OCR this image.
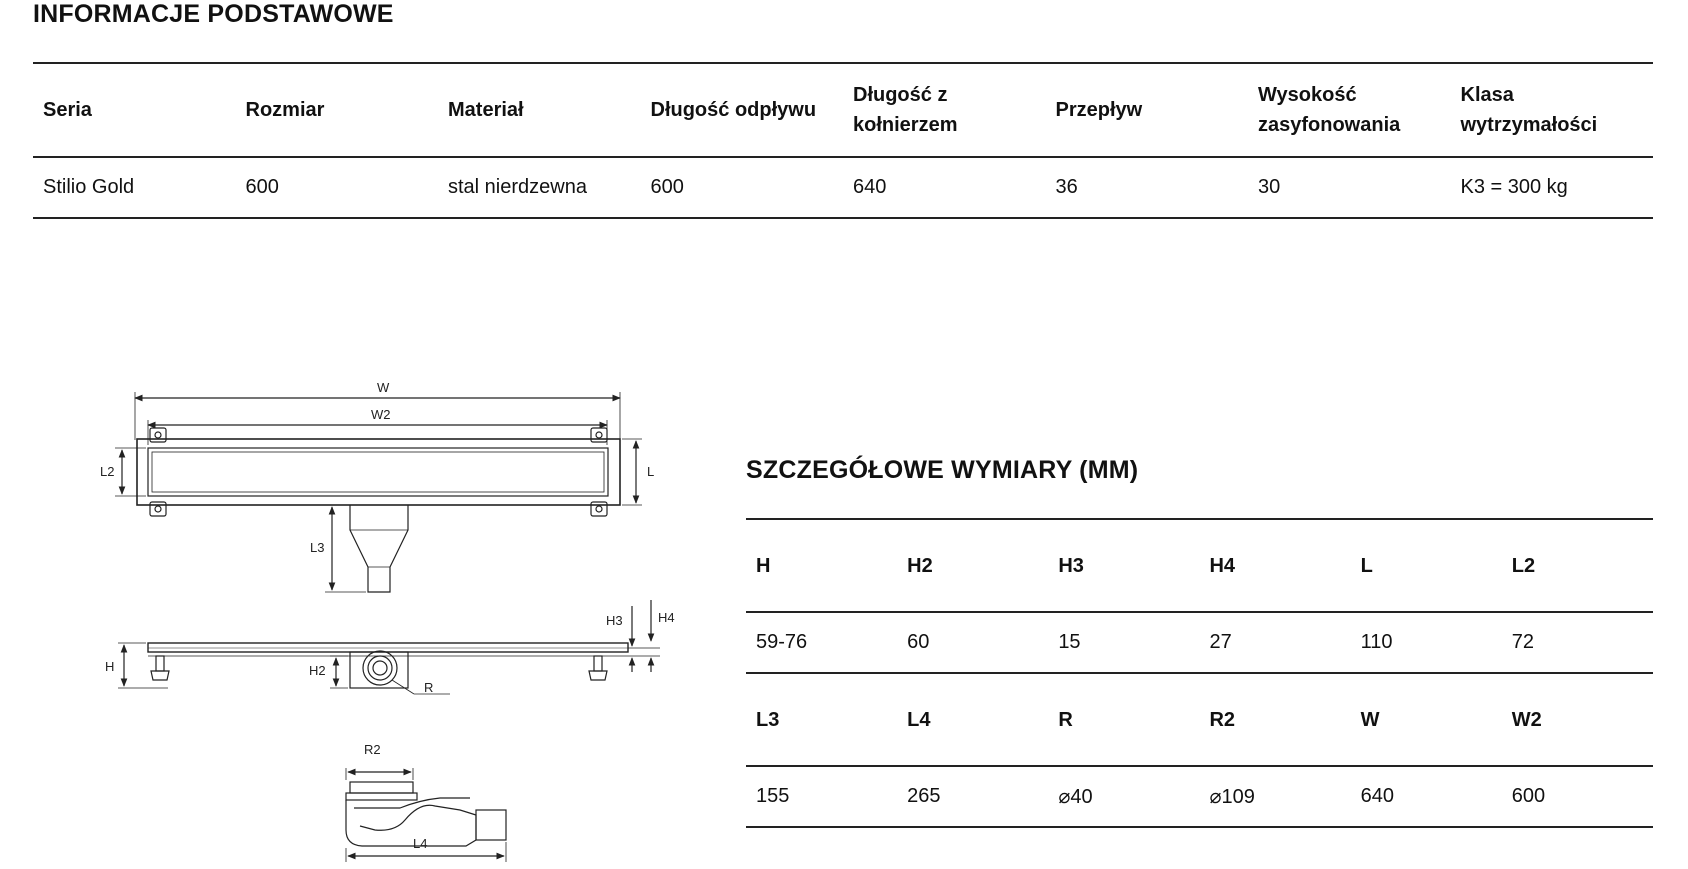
INFORMACJE PODSTAWOWE
Seria	Rozmiar	Materiał	Długość odpływu	Długość z kołnierzem	Przepływ	Wysokość zasyfonowania	Klasa wytrzymałości
Stilio Gold	600	stal nierdzewna	600	640	36	30	K3 = 300 kg
W
W2
L
L2
L3
H	H2
H3	H4
R
R2
L4
SZCZEGÓŁOWE WYMIARY (MM)
H	H2	H3	H4	L	L2
59-76	60	15	27	110	72
L3	L4	R	R2	W	W2
155	265	⌀40	⌀109	640	600
